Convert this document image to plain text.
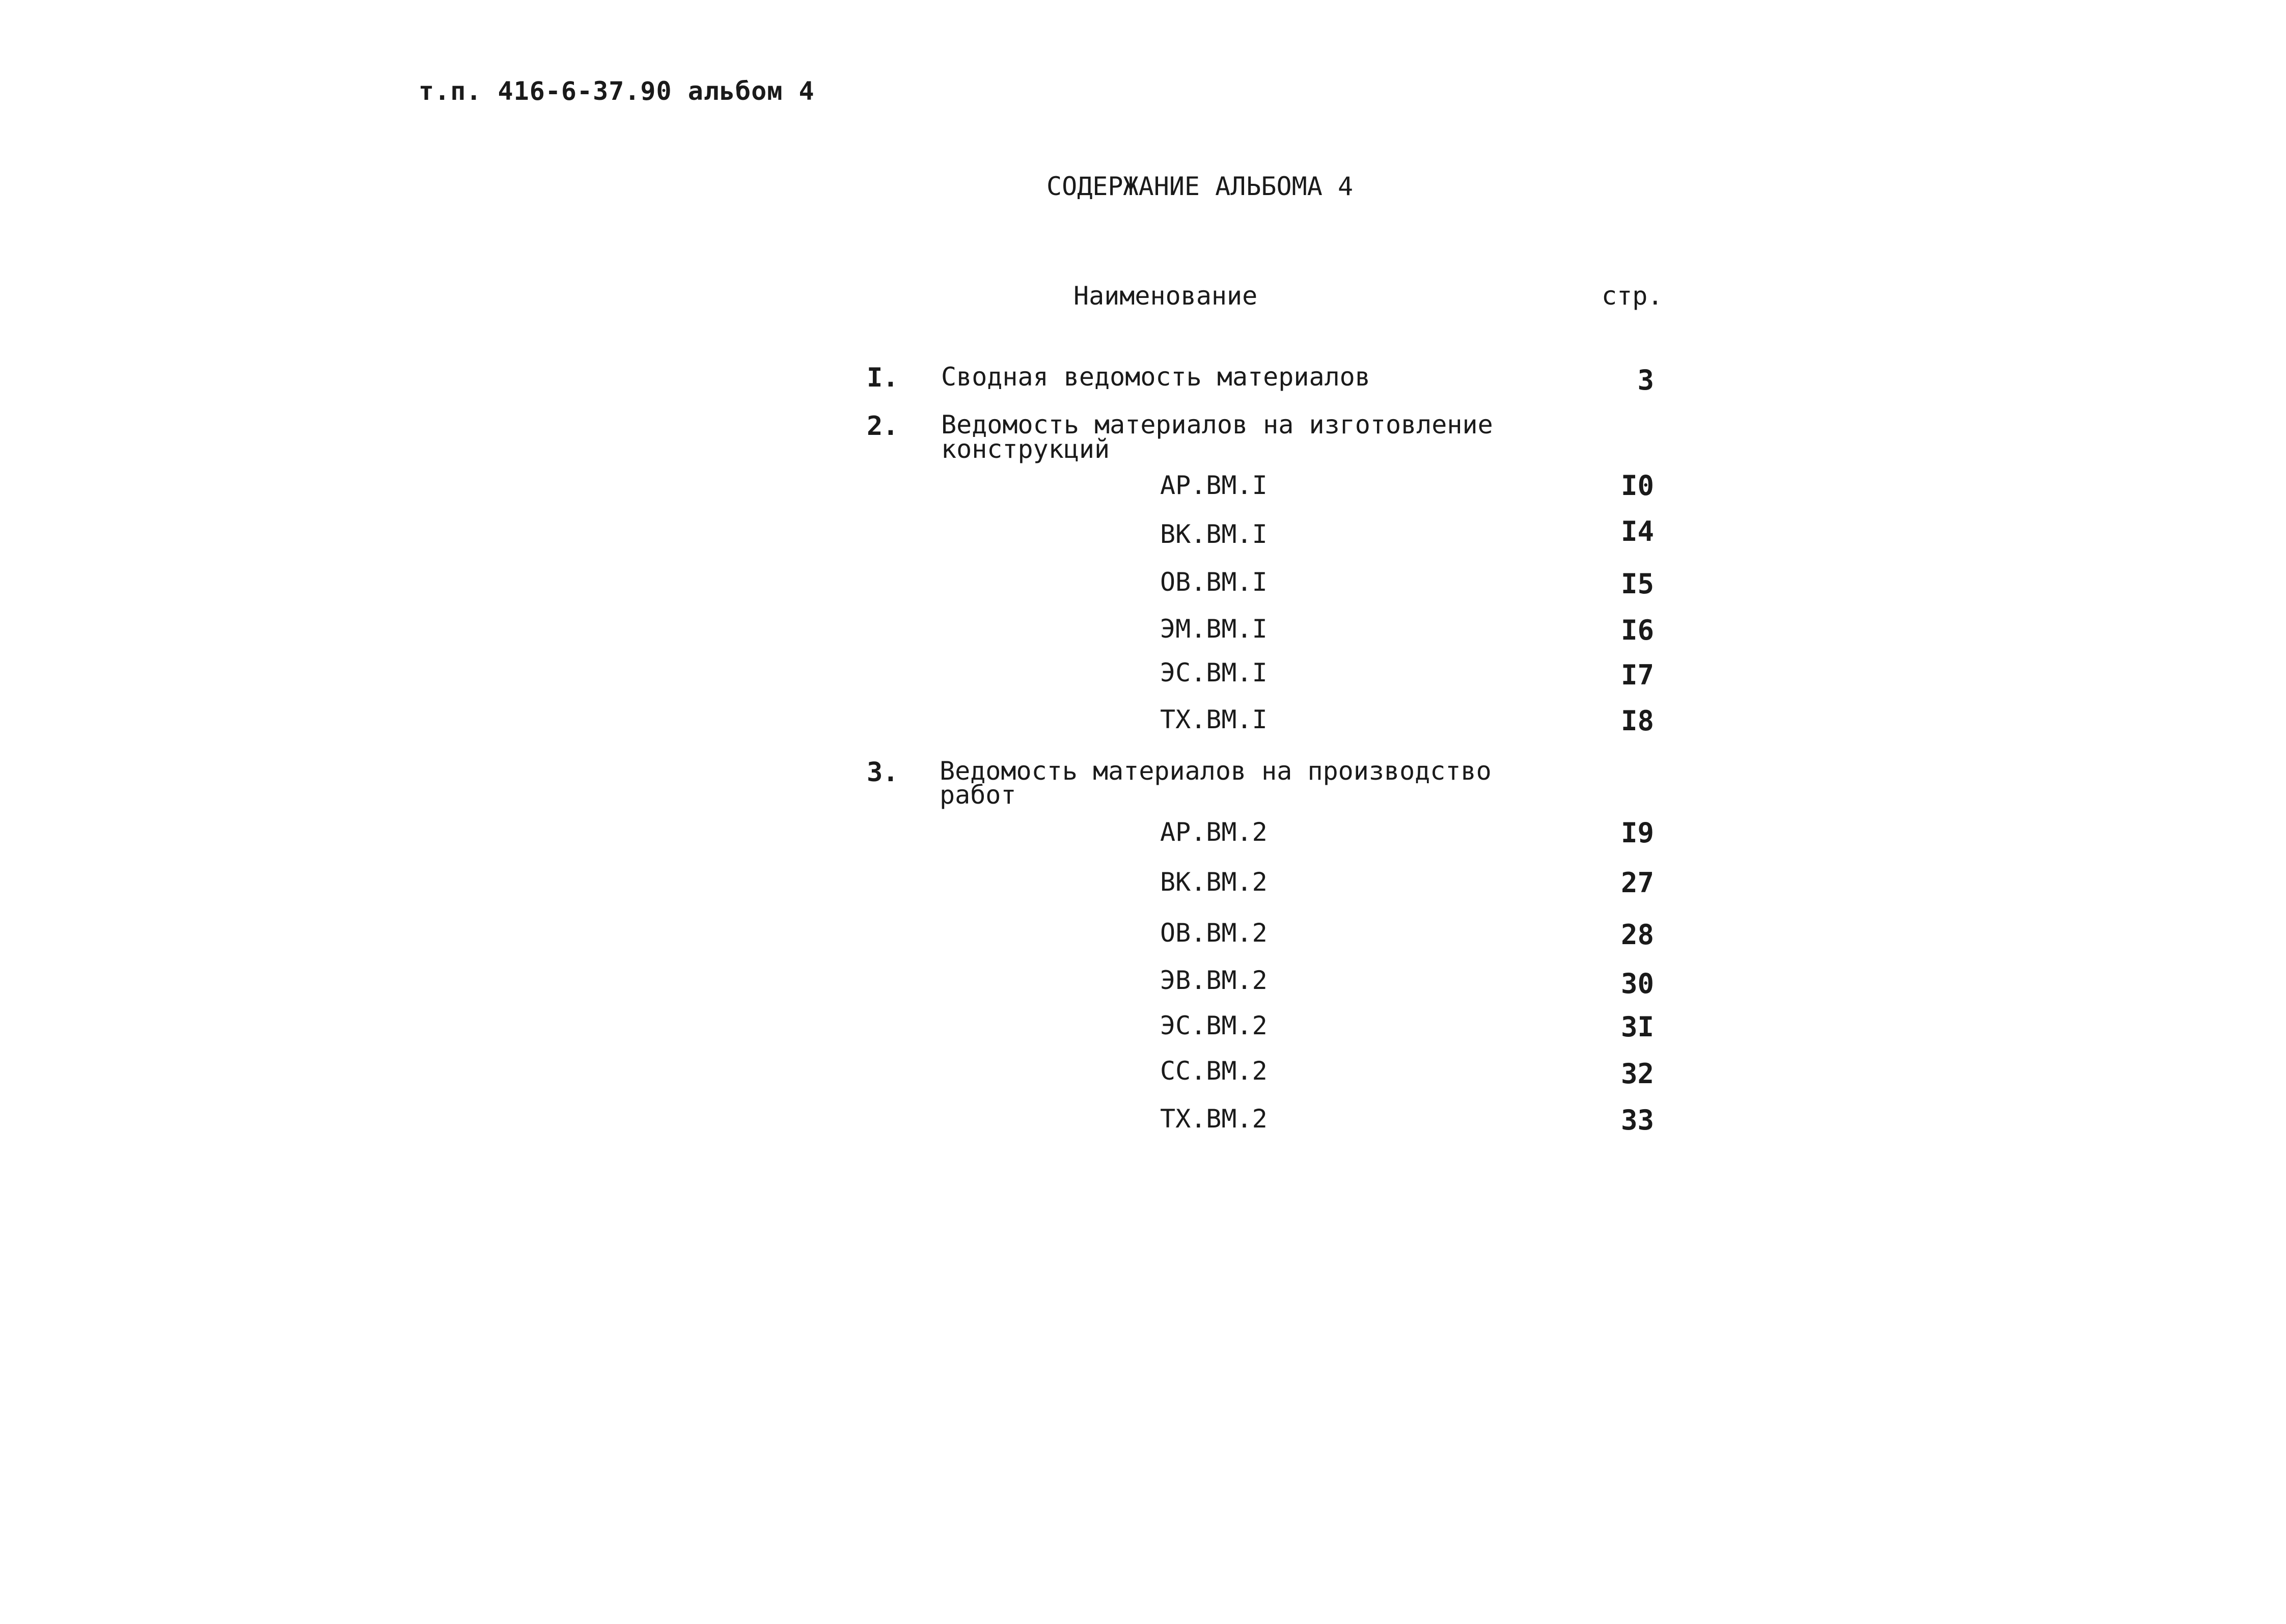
т.п. 416-6-37.90 альбом 4
СОДЕРЖАНИЕ АЛЬБОМА 4
Наименование	стр.
I. Сводная ведомость материалов	3
2. Ведомость материалов на изготовление
конструкций
АР.ВМ.I	I0
ВК.ВМ.I	I4
ОВ.ВМ.I	I5
ЭМ.ВМ.I	I6
ЭС.ВМ.I	I7
ТХ.ВМ.I	I8
3. Ведомость материалов на производство
работ
АР.ВМ.2	I9
ВК.ВМ.2	27
ОВ.ВМ.2	28
ЭВ.ВМ.2	30
ЭС.ВМ.2	3I
СС.ВМ.2	32
ТХ.ВМ.2	33
